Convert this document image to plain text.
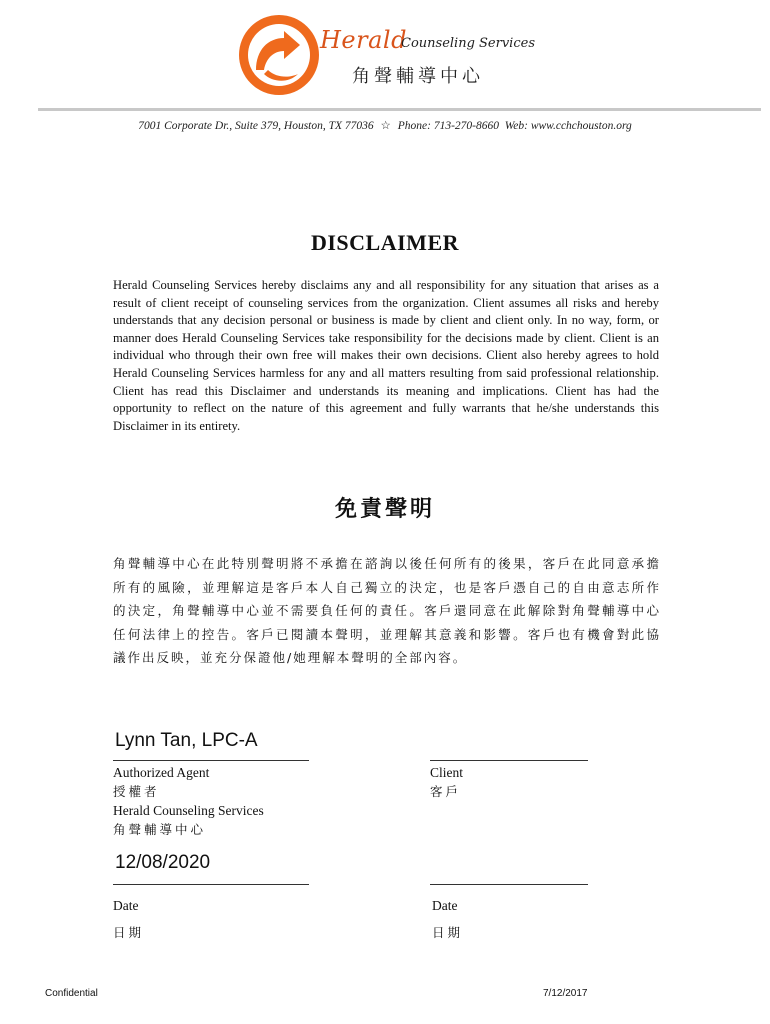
Herald
Counseling Services
角聲輔導中心
7001 Corporate Dr., Suite 379, Houston, TX 77036 ☆ Phone: 713-270-8660 Web: www.cchchouston.org
DISCLAIMER
Herald Counseling Services hereby disclaims any and all responsibility for any situation that arises as a result of client receipt of counseling services from the organization. Client assumes all risks and hereby understands that any decision personal or business is made by client and client only. In no way, form, or manner does Herald Counseling Services take responsibility for the decisions made by client. Client is an individual who through their own free will makes their own decisions. Client also hereby agrees to hold Herald Counseling Services harmless for any and all matters resulting from said professional relationship. Client has read this Disclaimer and understands its meaning and implications. Client has had the opportunity to reflect on the nature of this agreement and fully warrants that he/she understands this Disclaimer in its entirety.
免責聲明
角聲輔導中心在此特別聲明將不承擔在諮詢以後任何所有的後果，客戶在此同意承擔所有的風險，並理解這是客戶本人自己獨立的決定，也是客戶憑自己的自由意志所作的決定，角聲輔導中心並不需要負任何的責任。客戶還同意在此解除對角聲輔導中心任何法律上的控告。客戶已閱讀本聲明，並理解其意義和影響。客戶也有機會對此協議作出反映，並充分保證他/她理解本聲明的全部內容。
Lynn Tan, LPC-A
Authorized Agent
授權者
Herald Counseling Services
角聲輔導中心
Client
客戶
12/08/2020
Date
日期
Date
日期
Confidential	7/12/2017
